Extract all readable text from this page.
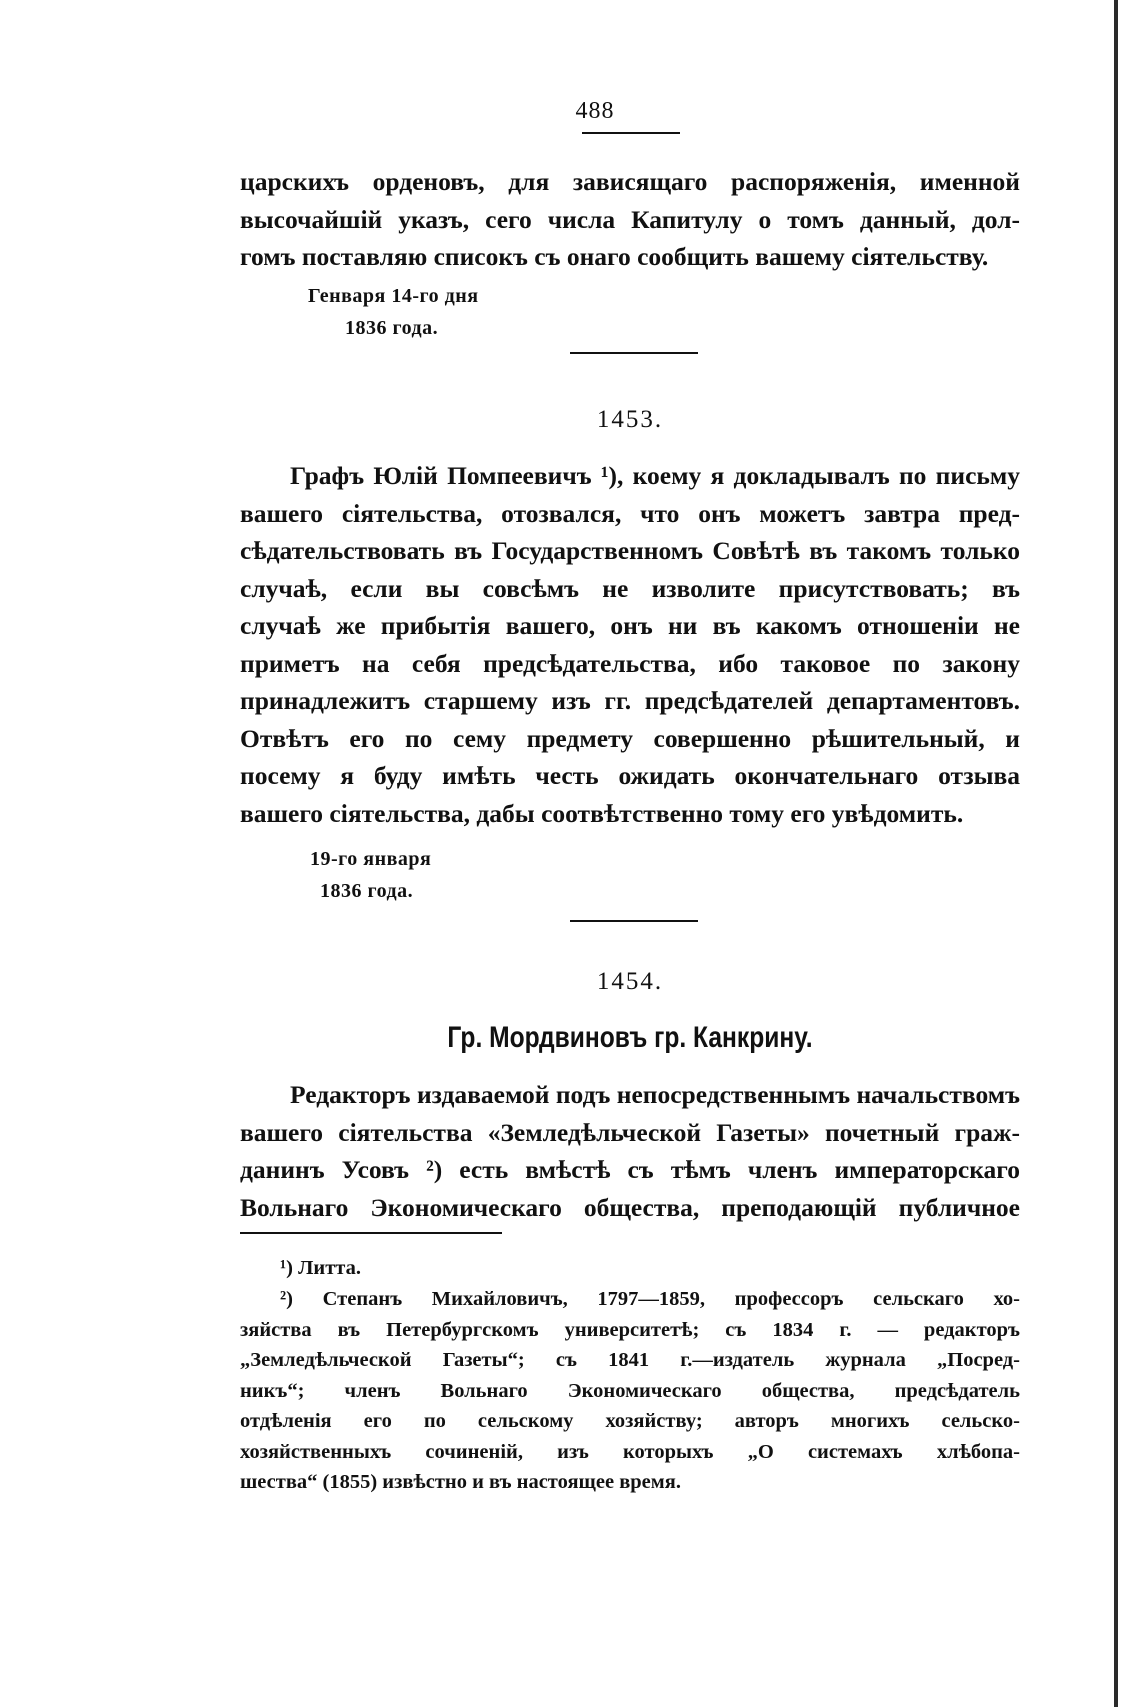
488
царскихъ орденовъ, для зависящаго распоряженія, именной
высочайшій указъ, сего числа Капитулу о томъ данный, дол-
гомъ поставляю списокъ съ онаго сообщить вашему сіятельству.
Генваря 14-го дня
1836 года.
1453.
Графъ Юлій Помпеевичъ ¹), коему я докладывалъ по письму
вашего сіятельства, отозвался, что онъ можетъ завтра пред-
сѣдательствовать въ Государственномъ Совѣтѣ въ такомъ только
случаѣ, если вы совсѣмъ не изволите присутствовать; въ
случаѣ же прибытія вашего, онъ ни въ какомъ отношеніи не
приметъ на себя предсѣдательства, ибо таковое по закону
принадлежитъ старшему изъ гг. предсѣдателей департаментовъ.
Отвѣтъ его по сему предмету совершенно рѣшительный, и
посему я буду имѣть честь ожидать окончательнаго отзыва
вашего сіятельства, дабы соотвѣтственно тому его увѣдомить.
19-го января
1836 года.
1454.
Гр. Мордвиновъ гр. Канкрину.
Редакторъ издаваемой подъ непосредственнымъ начальствомъ
вашего сіятельства «Земледѣльческой Газеты» почетный граж-
данинъ Усовъ ²) есть вмѣстѣ съ тѣмъ членъ императорскаго
Вольнаго Экономическаго общества, преподающій публичное
¹) Литта.
²) Степанъ Михайловичъ, 1797—1859, профессоръ сельскаго хо-
зяйства въ Петербургскомъ университетѣ; съ 1834 г. — редакторъ
„Земледѣльческой Газеты“; съ 1841 г.—издатель журнала „Посред-
никъ“; членъ Вольнаго Экономическаго общества, предсѣдатель
отдѣленія его по сельскому хозяйству; авторъ многихъ сельско-
хозяйственныхъ сочиненій, изъ которыхъ „О системахъ хлѣбопа-
шества“ (1855) извѣстно и въ настоящее время.
